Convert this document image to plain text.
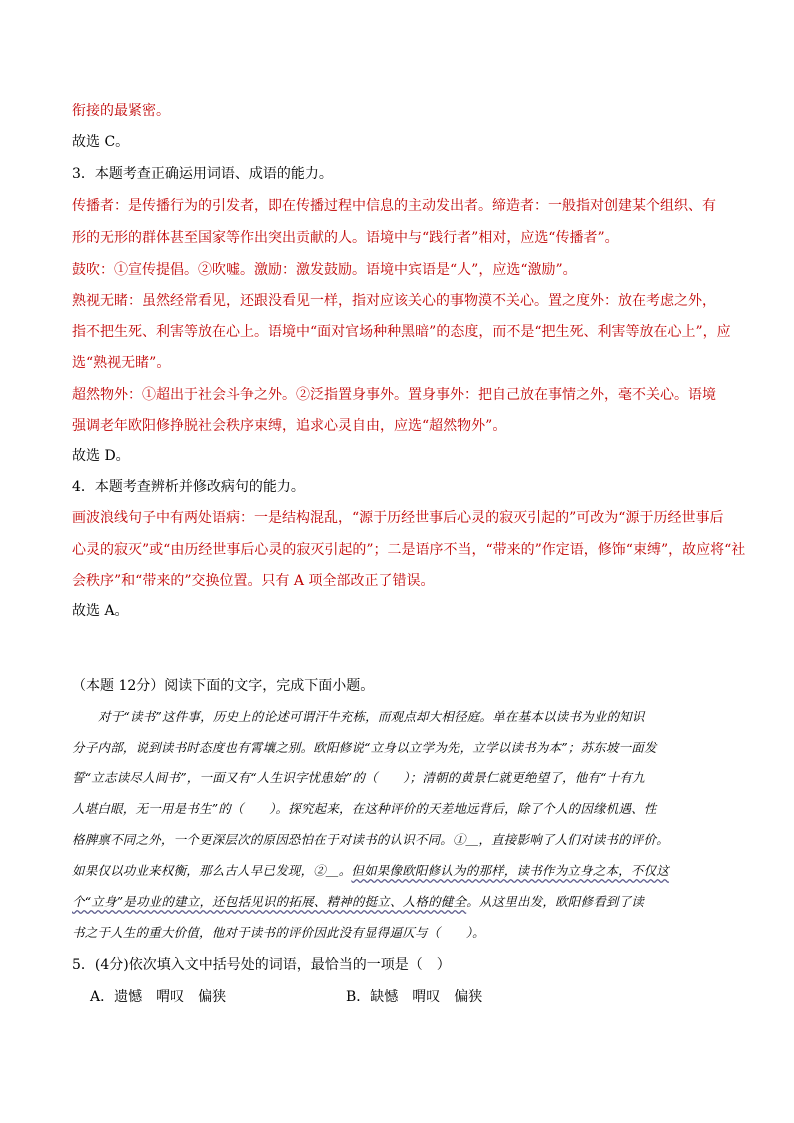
衔接的最紧密。
故选 C。
3．本题考查正确运用词语、成语的能力。
传播者：是传播行为的引发者，即在传播过程中信息的主动发出者。缔造者：一般指对创建某个组织、有
形的无形的群体甚至国家等作出突出贡献的人。语境中与“践行者”相对，应选“传播者”。
鼓吹：①宣传提倡。②吹嘘。激励：激发鼓励。语境中宾语是“人”，应选“激励”。
熟视无睹：虽然经常看见，还跟没看见一样，指对应该关心的事物漠不关心。置之度外：放在考虑之外，
指不把生死、利害等放在心上。语境中“面对官场种种黑暗”的态度，而不是“把生死、利害等放在心上”，应
选“熟视无睹”。
超然物外：①超出于社会斗争之外。②泛指置身事外。置身事外：把自己放在事情之外，毫不关心。语境
强调老年欧阳修挣脱社会秩序束缚，追求心灵自由，应选“超然物外”。
故选 D。
4．本题考查辨析并修改病句的能力。
画波浪线句子中有两处语病：一是结构混乱，“源于历经世事后心灵的寂灭引起的”可改为“源于历经世事后
心灵的寂灭”或“由历经世事后心灵的寂灭引起的”；二是语序不当，“带来的”作定语，修饰“束缚”，故应将“社
会秩序”和“带来的”交换位置。只有 A 项全部改正了错误。
故选 A。
（本题 12分）阅读下面的文字，完成下面小题。
对于“读书”这件事，历史上的论述可谓汗牛充栋，而观点却大相径庭。单在基本以读书为业的知识
分子内部，说到读书时态度也有霄壤之别。欧阳修说“立身以立学为先，立学以读书为本”；苏东坡一面发
誓“立志读尽人间书”，一面又有“人生识字忧患始”的（　　）；清朝的黄景仁就更绝望了，他有“十有九
人堪白眼，无一用是书生”的（　　）。探究起来，在这种评价的天差地远背后，除了个人的因缘机遇、性
格脾禀不同之外，一个更深层次的原因恐怕在于对读书的认识不同。①＿，直接影响了人们对读书的评价。
如果仅以功业来权衡，那么古人早已发现，②＿。但如果像欧阳修认为的那样，读书作为立身之本，不仅这
个“立身”是功业的建立，还包括见识的拓展、精神的挺立、人格的健全。从这里出发，欧阳修看到了读
书之于人生的重大价值，他对于读书的评价因此没有显得逼仄与（　　）。
5．(4分)依次填入文中括号处的词语，最恰当的一项是（　）
A．遗憾　喟叹　偏狭	B．缺憾　喟叹　偏狭
